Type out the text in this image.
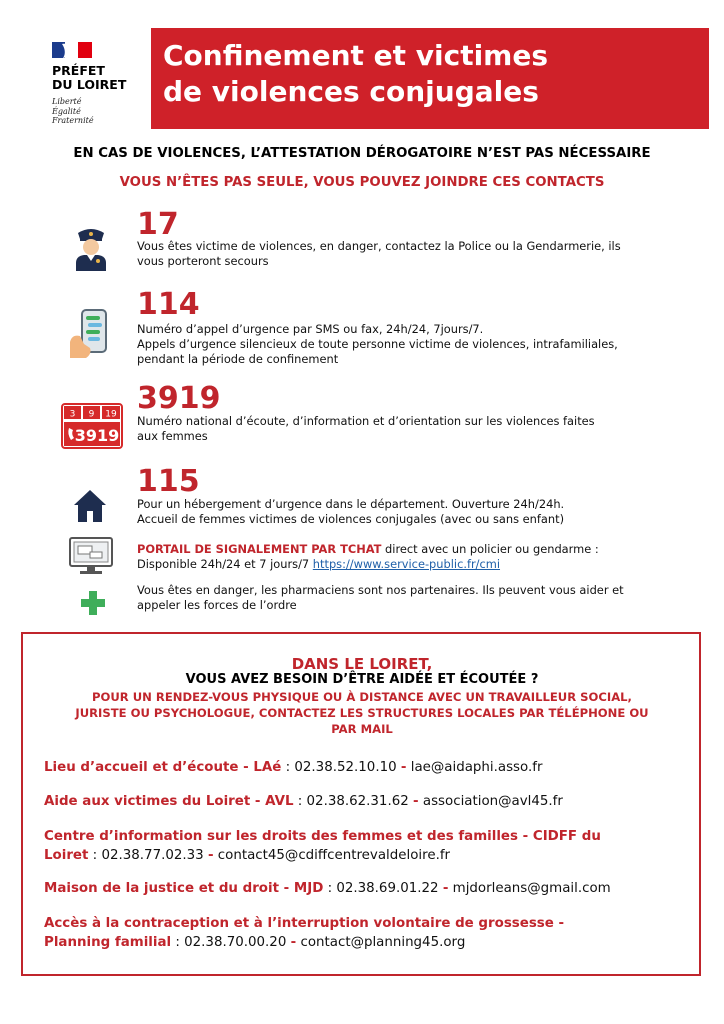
PRÉFET
DU LOIRET
Liberté
Égalité
Fraternité
Confinement et victimes
de violences conjugales
EN CAS DE VIOLENCES, L’ATTESTATION DÉROGATOIRE N’EST PAS NÉCESSAIRE
VOUS N’ÊTES PAS SEULE, VOUS POUVEZ JOINDRE CES CONTACTS
17
Vous êtes victime de violences, en danger, contactez la Police ou la Gendarmerie, ils
vous porteront secours
114
Numéro d’appel d’urgence par SMS ou fax, 24h/24, 7jours/7.
Appels d’urgence silencieux de toute personne victime de violences, intrafamiliales,
pendant la période de confinement
3 9 19
3919
3919
Numéro national d’écoute, d’information et d’orientation sur les violences faites
aux femmes
115
Pour un hébergement d’urgence dans le département. Ouverture 24h/24h.
Accueil de femmes victimes de violences conjugales (avec ou sans enfant)
PORTAIL DE SIGNALEMENT PAR TCHAT direct avec un policier ou gendarme :
Disponible 24h/24 et 7 jours/7 https://www.service-public.fr/cmi
Vous êtes en danger, les pharmaciens sont nos partenaires. Ils peuvent vous aider et
appeler les forces de l’ordre
DANS LE LOIRET,
VOUS AVEZ BESOIN D’ÊTRE AIDÉE ET ÉCOUTÉE ?
POUR UN RENDEZ-VOUS PHYSIQUE OU À DISTANCE AVEC UN TRAVAILLEUR SOCIAL,
JURISTE OU PSYCHOLOGUE, CONTACTEZ LES STRUCTURES LOCALES PAR TÉLÉPHONE OU
PAR MAIL
Lieu d’accueil et d’écoute - LAé : 02.38.52.10.10 - lae@aidaphi.asso.fr
Aide aux victimes du Loiret - AVL : 02.38.62.31.62 - association@avl45.fr
Centre d’information sur les droits des femmes et des familles - CIDFF du
Loiret : 02.38.77.02.33 - contact45@cdiffcentrevaldeloire.fr
Maison de la justice et du droit - MJD : 02.38.69.01.22 - mjdorleans@gmail.com
Accès à la contraception et à l’interruption volontaire de grossesse -
Planning familial : 02.38.70.00.20 - contact@planning45.org
